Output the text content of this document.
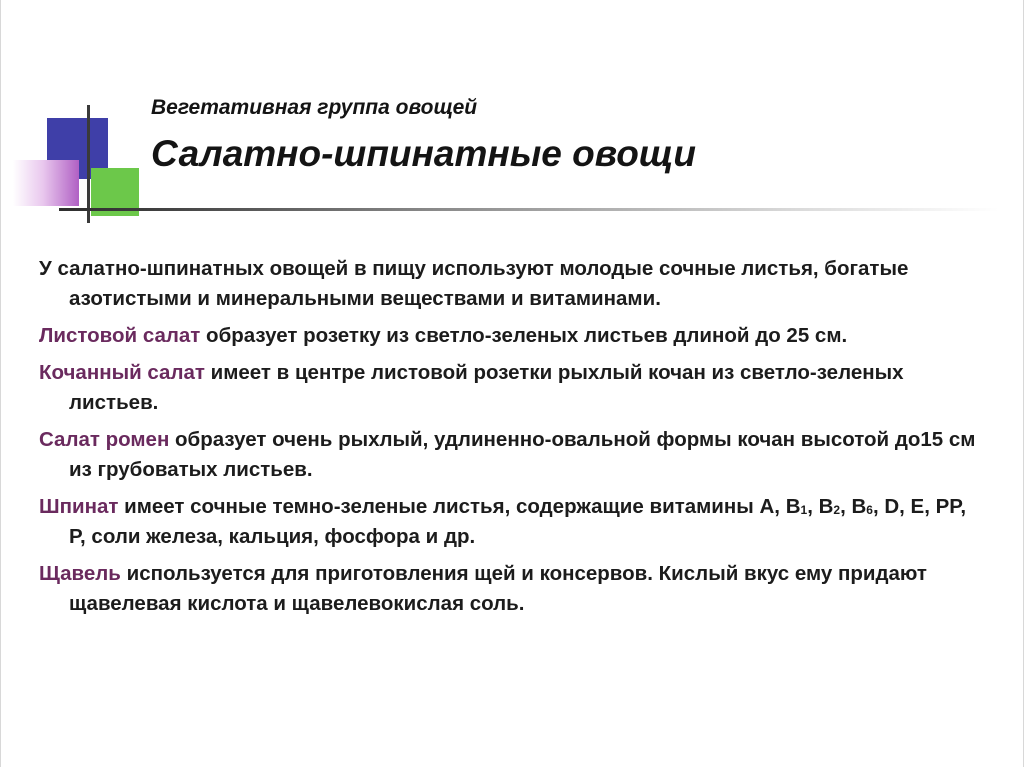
Вегетативная группа овощей
Салатно-шпинатные овощи

У салатно-шпинатных овощей в пищу используют молодые сочные листья, богатые азотистыми и минеральными веществами и витаминами.

Листовой салат образует розетку из светло-зеленых листьев длиной до 25 см.

Кочанный салат имеет в центре листовой розетки рыхлый кочан из светло-зеленых листьев.

Салат ромен образует очень рыхлый, удлиненно-овальной формы кочан высотой до15 см из грубоватых листьев.

Шпинат имеет сочные темно-зеленые листья, содержащие витамины А, $В_1$, $В_2$, $В_6$, D, E, PP, P, соли железа, кальция, фосфора и др.

Щавель используется для приготовления щей и консервов. Кислый вкус ему придают щавелевая кислота и щавелевокислая соль.
